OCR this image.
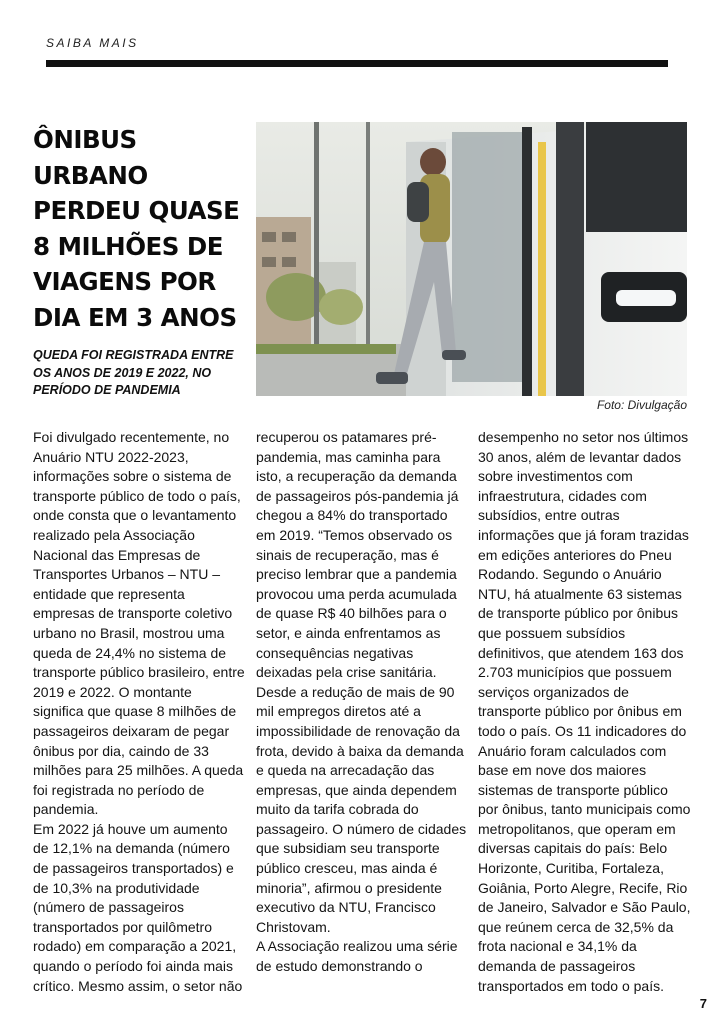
SAIBA MAIS
ÔNIBUS URBANO PERDEU QUASE 8 MILHÕES DE VIAGENS POR DIA EM 3 ANOS

QUEDA FOI REGISTRADA ENTRE OS ANOS DE 2019 E 2022, NO PERÍODO DE PANDEMIA

Foto: Divulgação

Foi divulgado recentemente, no Anuário NTU 2022-2023, informações sobre o sistema de transporte público de todo o país, onde consta que o levantamento realizado pela Associação Nacional das Empresas de Transportes Urbanos – NTU – entidade que representa empresas de transporte coletivo urbano no Brasil, mostrou uma queda de 24,4% no sistema de transporte público brasileiro, entre 2019 e 2022. O montante significa que quase 8 milhões de passageiros deixaram de pegar ônibus por dia, caindo de 33 milhões para 25 milhões. A queda foi registrada no período de pandemia.

Em 2022 já houve um aumento de 12,1% na demanda (número de passageiros transportados) e de 10,3% na produtividade (número de passageiros transportados por quilômetro rodado) em comparação a 2021, quando o período foi ainda mais crítico. Mesmo assim, o setor não

recuperou os patamares pré-pandemia, mas caminha para isto, a recuperação da demanda de passageiros pós-pandemia já chegou a 84% do transportado em 2019. “Temos observado os sinais de recuperação, mas é preciso lembrar que a pandemia provocou uma perda acumulada de quase R$ 40 bilhões para o setor, e ainda enfrentamos as consequências negativas deixadas pela crise sanitária. Desde a redução de mais de 90 mil empregos diretos até a impossibilidade de renovação da frota, devido à baixa da demanda e queda na arrecadação das empresas, que ainda dependem muito da tarifa cobrada do passageiro. O número de cidades que subsidiam seu transporte público cresceu, mas ainda é minoria”, afirmou o presidente executivo da NTU, Francisco Christovam.

A Associação realizou uma série de estudo demonstrando o

desempenho no setor nos últimos 30 anos, além de levantar dados sobre investimentos com infraestrutura, cidades com subsídios, entre outras informações que já foram trazidas em edições anteriores do Pneu Rodando. Segundo o Anuário NTU, há atualmente 63 sistemas de transporte público por ônibus que possuem subsídios definitivos, que atendem 163 dos 2.703 municípios que possuem serviços organizados de transporte público por ônibus em todo o país. Os 11 indicadores do Anuário foram calculados com base em nove dos maiores sistemas de transporte público por ônibus, tanto municipais como metropolitanos, que operam em diversas capitais do país: Belo Horizonte, Curitiba, Fortaleza, Goiânia, Porto Alegre, Recife, Rio de Janeiro, Salvador e São Paulo, que reúnem cerca de 32,5% da frota nacional e 34,1% da demanda de passageiros transportados em todo o país.

7
